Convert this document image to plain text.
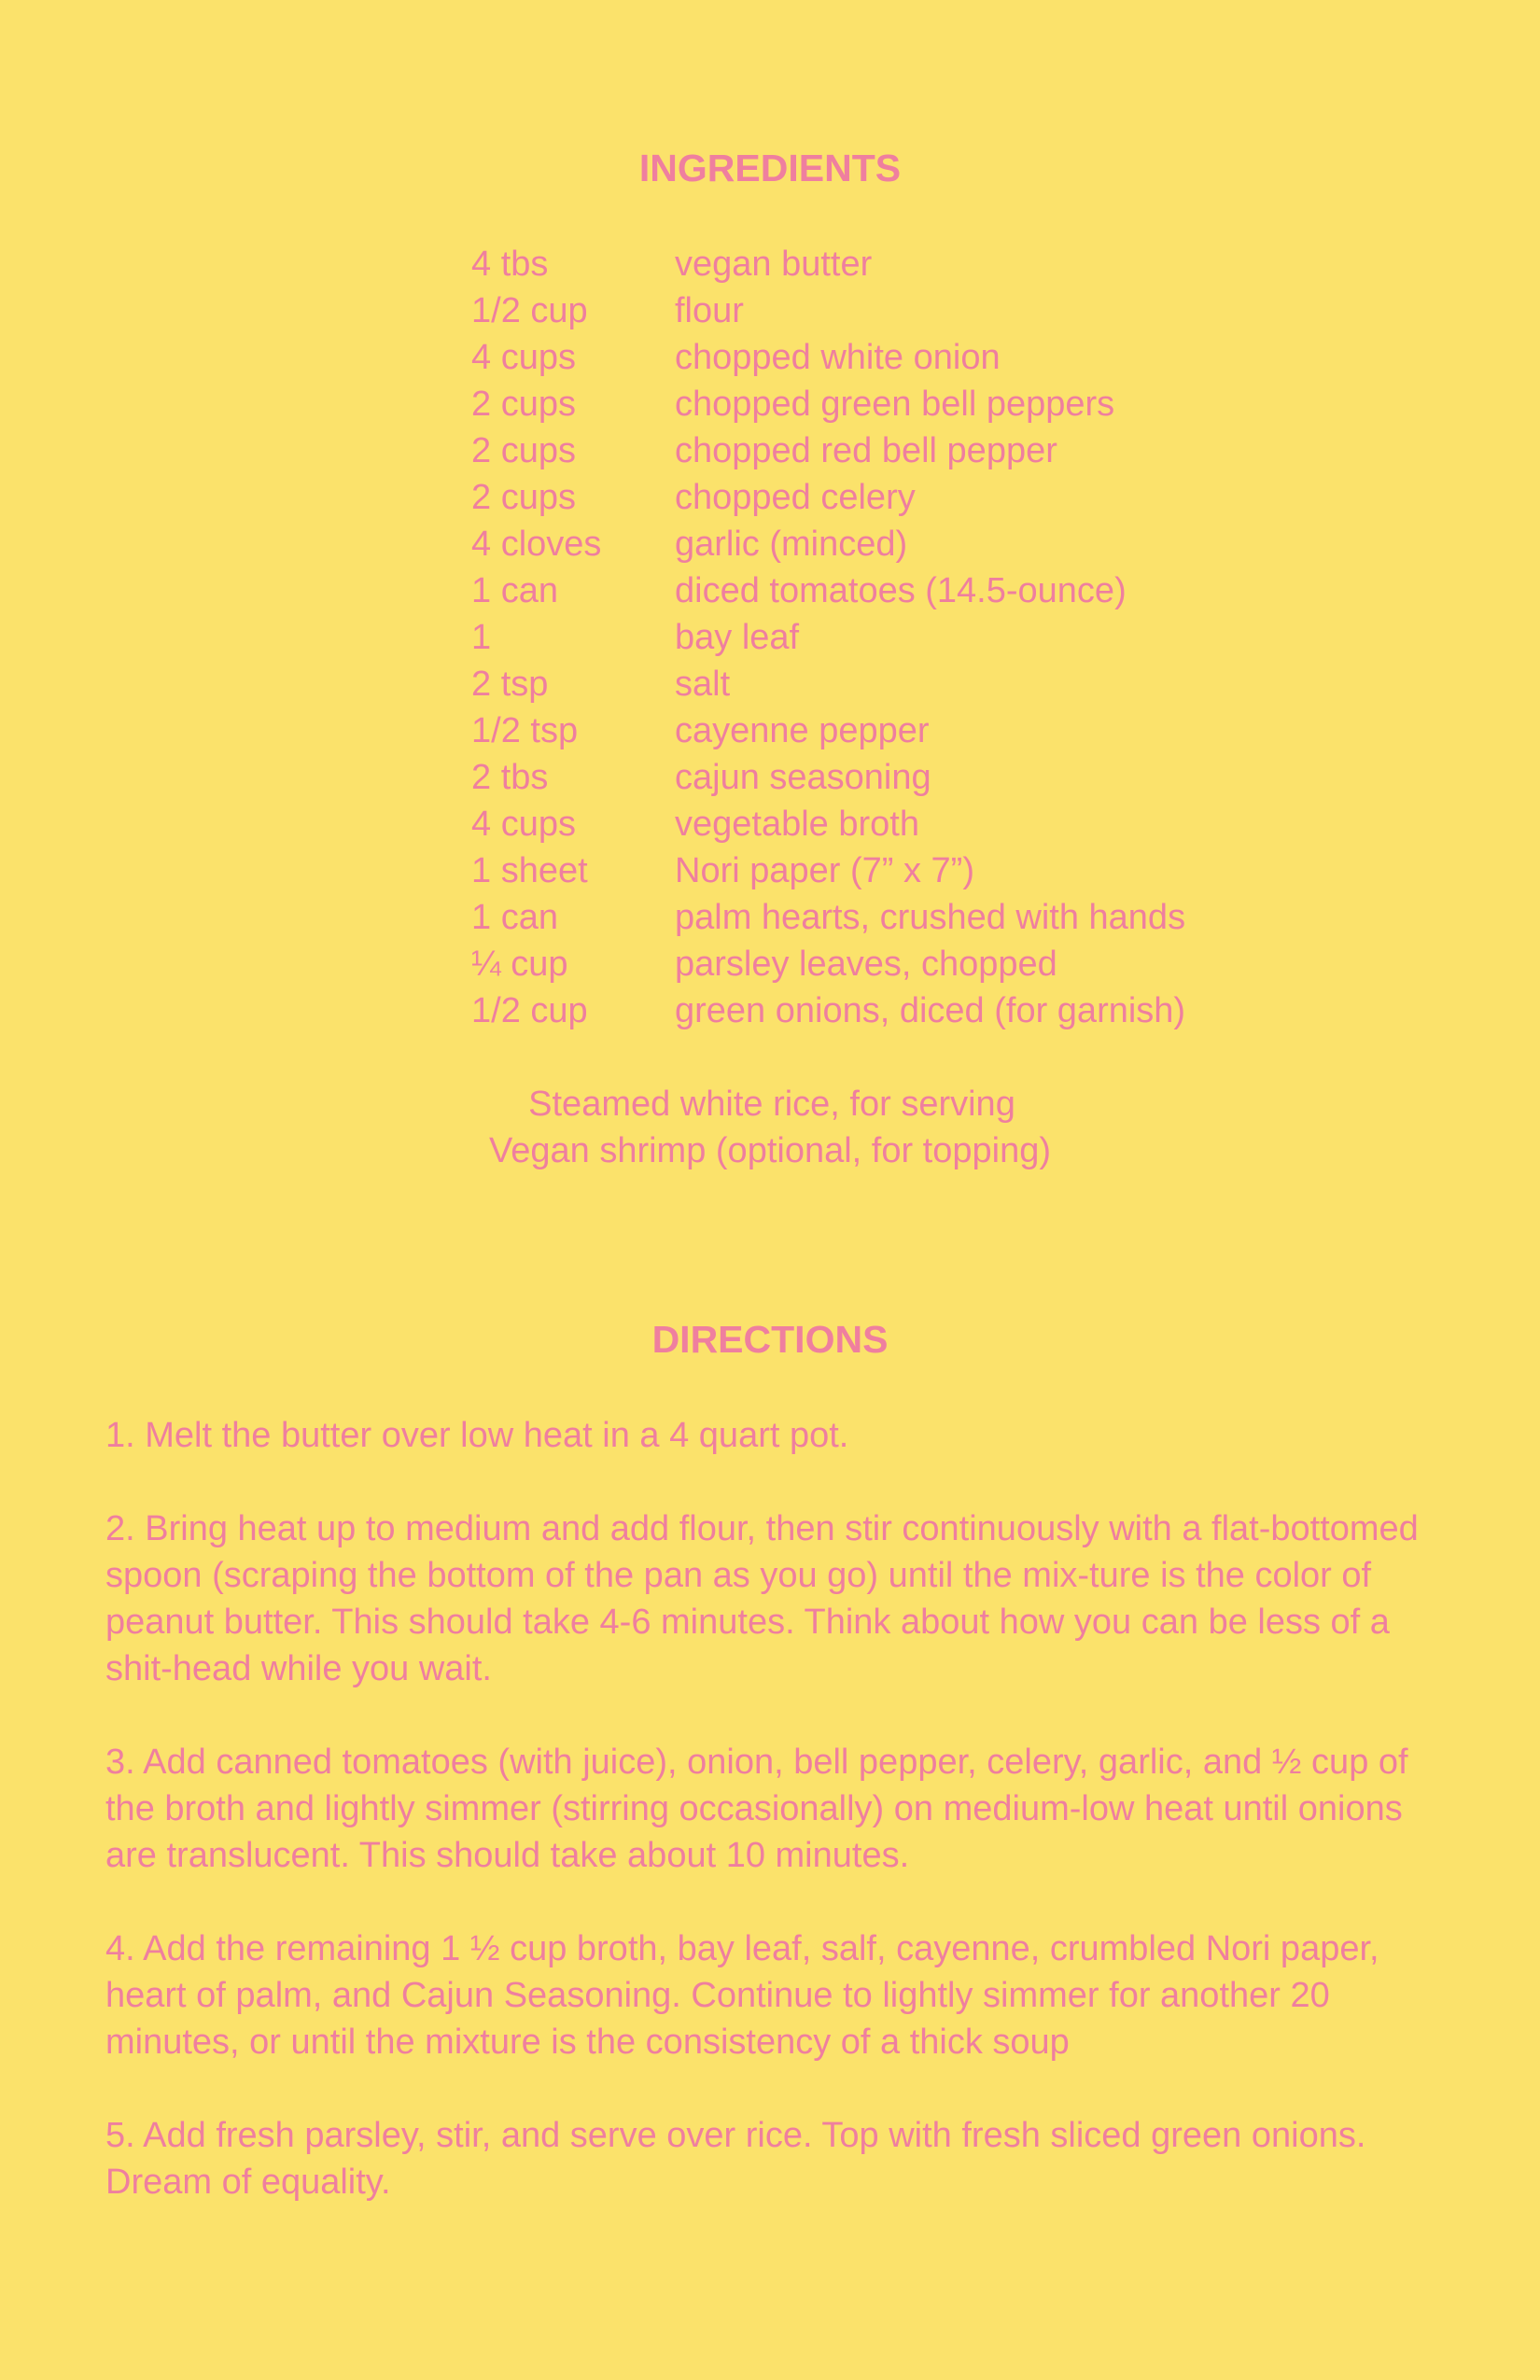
INGREDIENTS
4 tbs	vegan butter
1/2 cup	flour
4 cups	chopped white onion
2 cups	chopped green bell peppers
2 cups	chopped red bell pepper
2 cups	chopped celery
4 cloves	garlic (minced)
1 can	diced tomatoes (14.5-ounce)
1	bay leaf
2 tsp	salt
1/2 tsp	cayenne pepper
2 tbs	cajun seasoning
4 cups	vegetable broth
1 sheet	Nori paper (7” x 7”)
1 can	palm hearts, crushed with hands
¼ cup	parsley leaves, chopped
1/2 cup	green onions, diced (for garnish)
Steamed white rice, for serving
Vegan shrimp (optional, for topping)
DIRECTIONS

1. Melt the butter over low heat in a 4 quart pot.

2. Bring heat up to medium and add flour, then stir continuously with a flat-bottomed spoon (scraping the bottom of the pan as you go) until the mix-ture is the color of peanut butter. This should take 4-6 minutes. Think about how you can be less of a shit-head while you wait.

3. Add canned tomatoes (with juice), onion, bell pepper, celery, garlic, and ½ cup of the broth and lightly simmer (stirring occasionally) on medium-low heat until onions are translucent. This should take about 10 minutes.

4. Add the remaining 1 ½ cup broth, bay leaf, salf, cayenne, crumbled Nori paper, heart of palm, and Cajun Seasoning. Continue to lightly simmer for another 20 minutes, or until the mixture is the consistency of a thick soup

5. Add fresh parsley, stir, and serve over rice. Top with fresh sliced green onions. Dream of equality.
